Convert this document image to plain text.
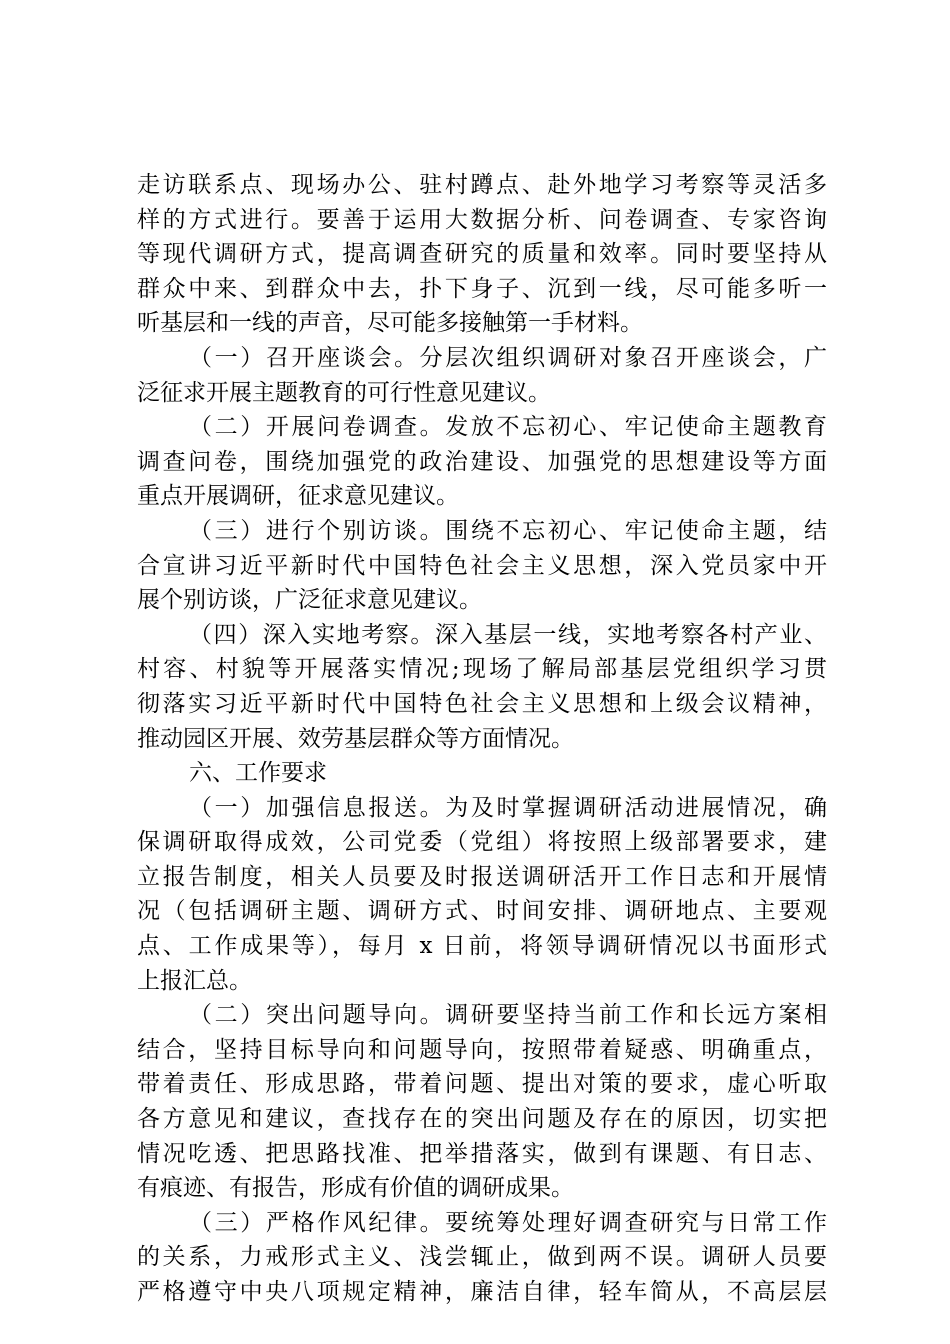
走访联系点、现场办公、驻村蹲点、赴外地学习考察等灵活多
样的方式进行。要善于运用大数据分析、问卷调查、专家咨询
等现代调研方式，提高调查研究的质量和效率。同时要坚持从
群众中来、到群众中去，扑下身子、沉到一线，尽可能多听一
听基层和一线的声音，尽可能多接触第一手材料。
（一）召开座谈会。分层次组织调研对象召开座谈会，广
泛征求开展主题教育的可行性意见建议。
（二）开展问卷调查。发放不忘初心、牢记使命主题教育
调查问卷，围绕加强党的政治建设、加强党的思想建设等方面
重点开展调研，征求意见建议。
（三）进行个别访谈。围绕不忘初心、牢记使命主题，结
合宣讲习近平新时代中国特色社会主义思想，深入党员家中开
展个别访谈，广泛征求意见建议。
（四）深入实地考察。深入基层一线，实地考察各村产业、
村容、村貌等开展落实情况;现场了解局部基层党组织学习贯
彻落实习近平新时代中国特色社会主义思想和上级会议精神，
推动园区开展、效劳基层群众等方面情况。
六、工作要求
（一）加强信息报送。为及时掌握调研活动进展情况，确
保调研取得成效，公司党委（党组）将按照上级部署要求，建
立报告制度，相关人员要及时报送调研活开工作日志和开展情
况（包括调研主题、调研方式、时间安排、调研地点、主要观
点、工作成果等），每月 x 日前，将领导调研情况以书面形式
上报汇总。
（二）突出问题导向。调研要坚持当前工作和长远方案相
结合，坚持目标导向和问题导向，按照带着疑惑、明确重点，
带着责任、形成思路，带着问题、提出对策的要求，虚心听取
各方意见和建议，查找存在的突出问题及存在的原因，切实把
情况吃透、把思路找准、把举措落实，做到有课题、有日志、
有痕迹、有报告，形成有价值的调研成果。
（三）严格作风纪律。要统筹处理好调查研究与日常工作
的关系，力戒形式主义、浅尝辄止，做到两不误。调研人员要
严格遵守中央八项规定精神，廉洁自律，轻车简从，不高层层
